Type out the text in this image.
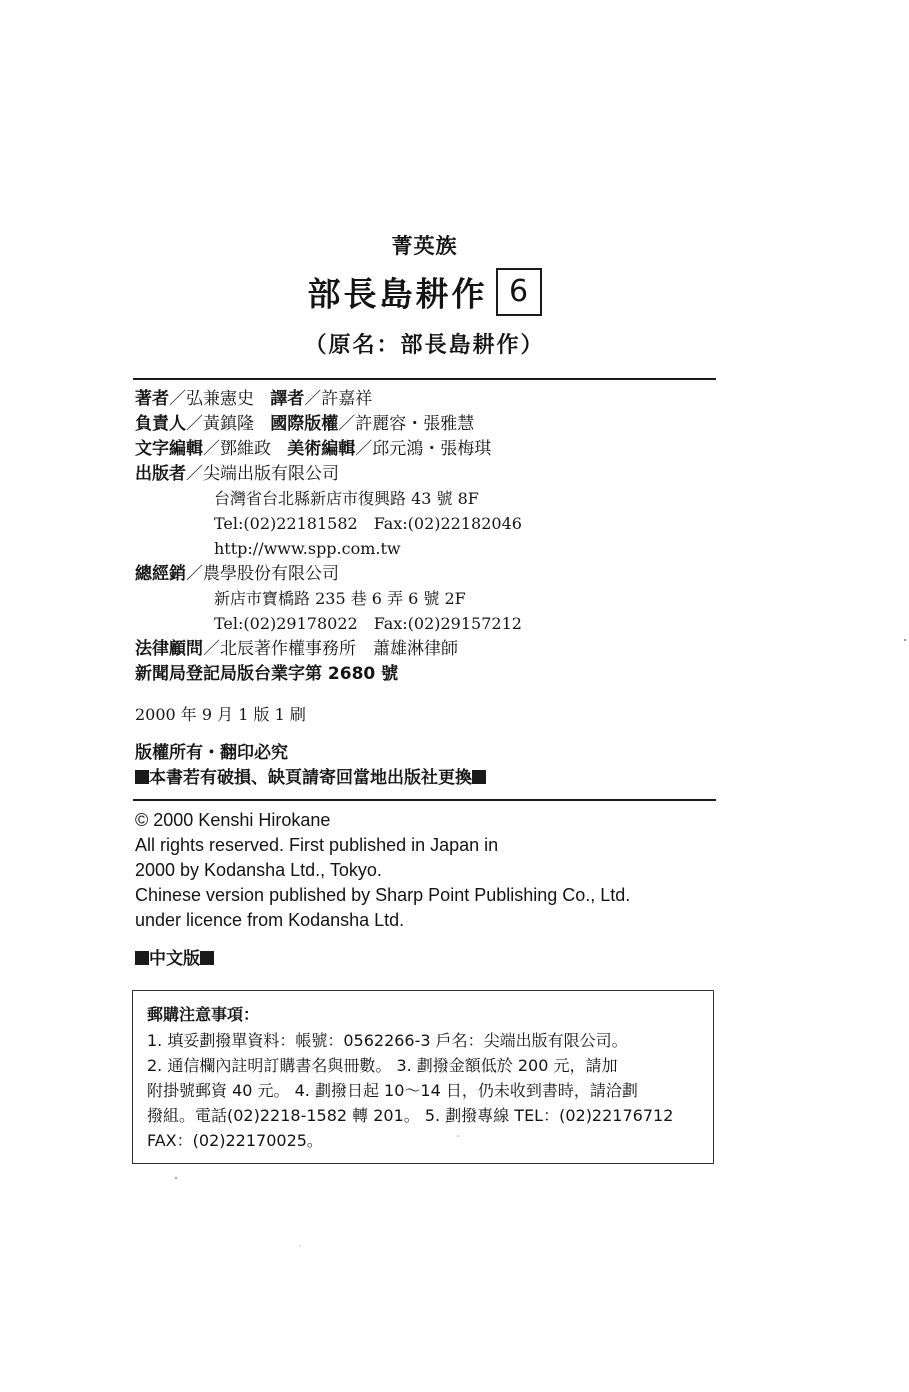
菁英族
部長島耕作 6
（原名：部長島耕作）
著者／弘兼憲史 譯者／許嘉祥
負責人／黃鎮隆 國際版權／許麗容・張雅慧
文字編輯／鄧維政 美術編輯／邱元鴻・張梅琪
出版者／尖端出版有限公司
台灣省台北縣新店市復興路 43 號 8F
Tel:(02)22181582　Fax:(02)22182046
http://www.spp.com.tw
總經銷／農學股份有限公司
新店市寶橋路 235 巷 6 弄 6 號 2F
Tel:(02)29178022　Fax:(02)29157212
法律顧問／北辰著作權事務所　蕭雄淋律師
新聞局登記局版台業字第 2680 號
2000 年 9 月 1 版 1 刷
版權所有・翻印必究
本書若有破損、缺頁請寄回當地出版社更換
© 2000 Kenshi Hirokane
All rights reserved. First published in Japan in
2000 by Kodansha Ltd., Tokyo.
Chinese version published by Sharp Point Publishing Co., Ltd.
under licence from Kodansha Ltd.
中文版
郵購注意事項：
1. 填妥劃撥單資料：帳號：0562266-3 戶名：尖端出版有限公司。
2. 通信欄內註明訂購書名與冊數。 3. 劃撥金額低於 200 元，請加
附掛號郵資 40 元。 4. 劃撥日起 10～14 日，仍未收到書時，請洽劃
撥組。電話(02)2218-1582 轉 201。 5. 劃撥專線 TEL：(02)22176712
FAX：(02)22170025。
